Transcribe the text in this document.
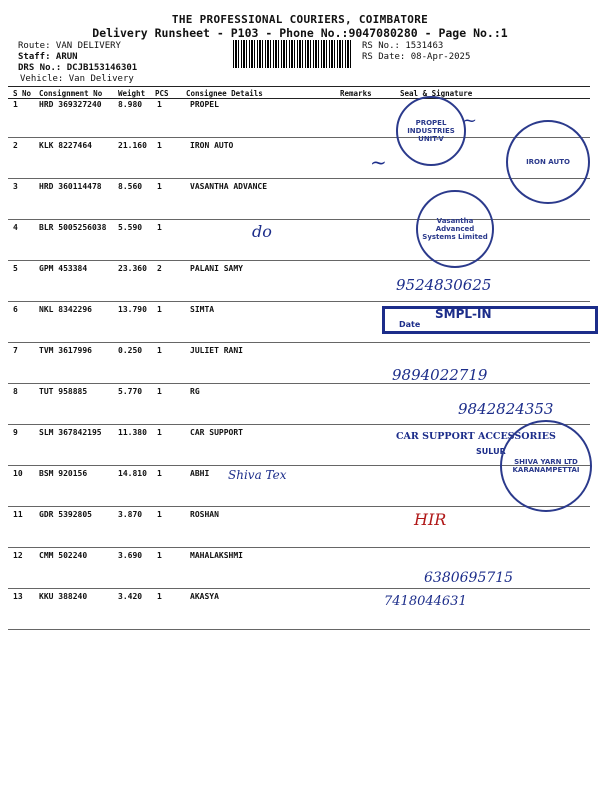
THE PROFESSIONAL COURIERS, COIMBATORE
Delivery Runsheet - P103 - Phone No.:9047080280 - Page No.:1
Route: VAN DELIVERY
Staff: ARUN
DRS No.: DCJB153146301
Vehicle: Van Delivery
RS No.: 1531463
RS Date: 08-Apr-2025
S No Consignment No Weight PCS Consignee Details	Remarks	Seal & Signature
1	HRD 369327240 8.980 1	PROPEL
2	KLK 8227464	21.160 1	IRON AUTO
3	HRD 360114478 8.560 1	VASANTHA ADVANCE
4	BLR 5005256038 5.590 1
5	GPM 453384	23.360 2	PALANI SAMY
6	NKL 8342296	13.790 1	SIMTA
7	TVM 3617996	0.250 1	JULIET RANI
8	TUT 958885	5.770 1	RG
9	SLM 367842195 11.380 1	CAR SUPPORT
10 BSM 920156	14.810 1	ABHI
11 GDR 5392805	3.870 1	ROSHAN
12 CMM 502240	3.690 1	MAHALAKSHMI
13 KKU 388240	3.420 1	AKASYA
PROPEL INDUSTRIES UNIT-V
~
IRON AUTO
~
Vasantha Advanced Systems Limited
do
9524830625
SMPL-IN
Date
9894022719
9842824353
CAR SUPPORT ACCESSORIES
SULUR
SHIVA YARN LTD KARANAMPETTAI
Shiva Tex
HIR
6380695715
7418044631
